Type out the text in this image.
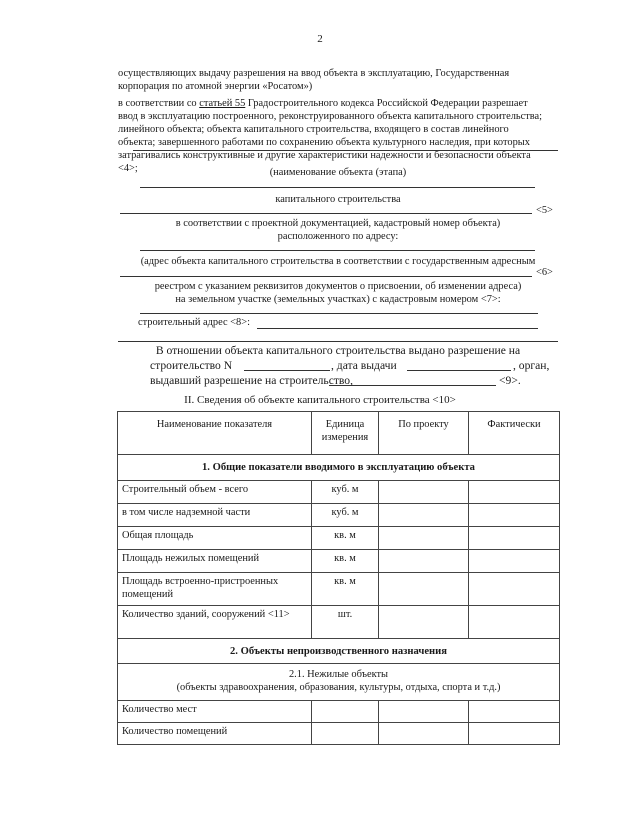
2
осуществляющих выдачу разрешения на ввод объекта в эксплуатацию, Государственная
корпорация по атомной энергии «Росатом»)
в соответствии со статьей 55 Градостроительного кодекса Российской Федерации разрешает
ввод в эксплуатацию построенного, реконструированного объекта капитального строительства;
линейного объекта; объекта капитального строительства, входящего в состав линейного
объекта; завершенного работами по сохранению объекта культурного наследия, при которых
затрагивались конструктивные и другие характеристики надежности и безопасности объекта
<4>;	(наименование объекта (этапа)
капитального строительства
<5>
в соответствии с проектной документацией, кадастровый номер объекта)
расположенного по адресу:
(адрес объекта капитального строительства в соответствии с государственным адресным
<6>
реестром с указанием реквизитов документов о присвоении, об изменении адреса)
на земельном участке (земельных участках) с кадастровым номером <7>:
строительный адрес <8>:
В отношении объекта капитального строительства выдано разрешение на
строительство N	, дата выдачи	, орган,
выдавший разрешение на строительство,	<9>.
II. Сведения об объекте капитального строительства <10>
Наименование показателя	Единица измерения	По проекту	Фактически
1. Общие показатели вводимого в эксплуатацию объекта			
Строительный объем - всего	куб. м		
в том числе надземной части	куб. м		
Общая площадь	кв. м		
Площадь нежилых помещений	кв. м		
Площадь встроенно-пристроенных помещений	кв. м		
Количество зданий, сооружений <11>	шт.		
2. Объекты непроизводственного назначения			

2.1. Нежилые объекты
(объекты здравоохранения, образования, культуры, отдыха, спорта и т.д.)			

Количество мест			
Количество помещений			
